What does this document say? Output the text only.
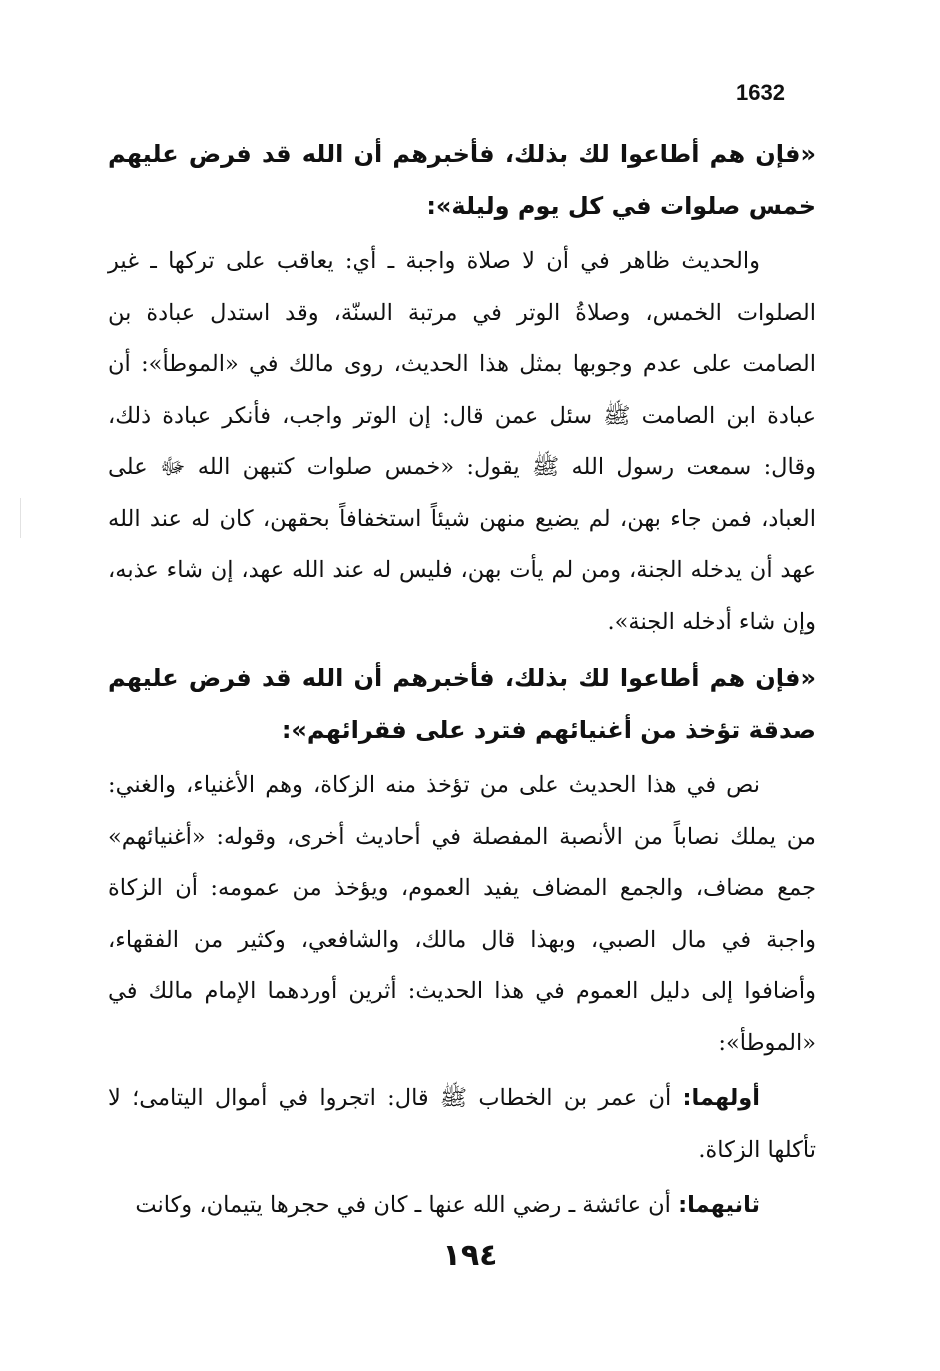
1632

«فإن هم أطاعوا لك بذلك، فأخبرهم أن الله قد فرض عليهم خمس صلوات في كل يوم وليلة»:

والحديث ظاهر في أن لا صلاة واجبة ـ أي: يعاقب على تركها ـ غير الصلوات الخمس، وصلاةُ الوتر في مرتبة السنّة، وقد استدل عبادة بن الصامت على عدم وجوبها بمثل هذا الحديث، روى مالك في «الموطأ»: أن عبادة ابن الصامت ﷺ سئل عمن قال: إن الوتر واجب، فأنكر عبادة ذلك، وقال: سمعت رسول الله ﷺ يقول: «خمس صلوات كتبهن الله ﷻ على العباد، فمن جاء بهن، لم يضيع منهن شيئاً استخفافاً بحقهن، كان له عند الله عهد أن يدخله الجنة، ومن لم يأت بهن، فليس له عند الله عهد، إن شاء عذبه، وإن شاء أدخله الجنة».

«فإن هم أطاعوا لك بذلك، فأخبرهم أن الله قد فرض عليهم صدقة تؤخذ من أغنيائهم فترد على فقرائهم»:

نص في هذا الحديث على من تؤخذ منه الزكاة، وهم الأغنياء، والغني: من يملك نصاباً من الأنصبة المفصلة في أحاديث أخرى، وقوله: «أغنيائهم» جمع مضاف، والجمع المضاف يفيد العموم، ويؤخذ من عمومه: أن الزكاة واجبة في مال الصبي، وبهذا قال مالك، والشافعي، وكثير من الفقهاء، وأضافوا إلى دليل العموم في هذا الحديث: أثرين أوردهما الإمام مالك في «الموطأ»:

أولهما: أن عمر بن الخطاب ﷺ قال: اتجروا في أموال اليتامى؛ لا تأكلها الزكاة.

ثانيهما: أن عائشة ـ رضي الله عنها ـ كان في حجرها يتيمان، وكانت

١٩٤
